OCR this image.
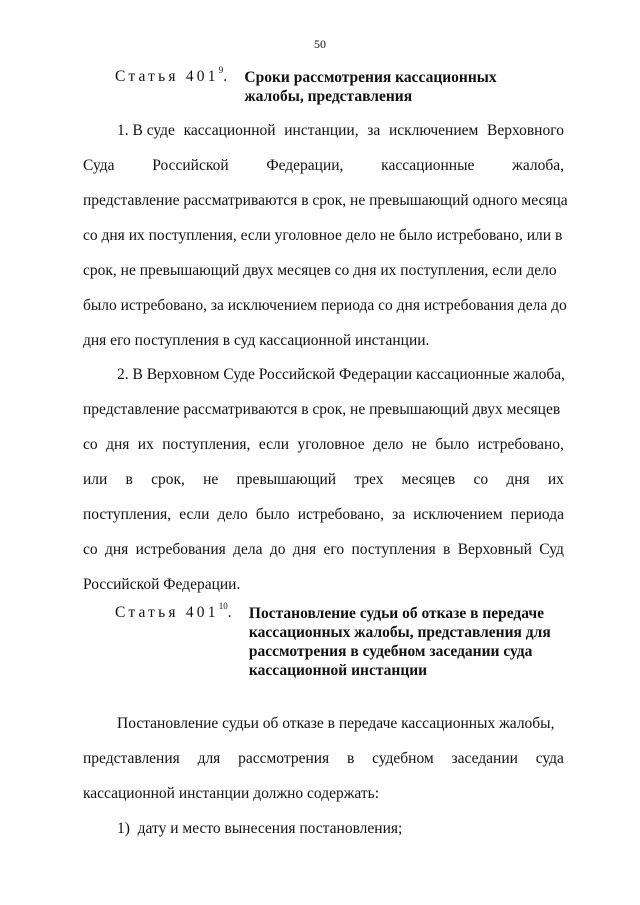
50
Статья $401^9$. Сроки рассмотрения кассационных
жалобы, представления
1. В суде кассационной инстанции, за исключением Верховного
Суда Российской Федерации, кассационные жалоба,
представление рассматриваются в срок, не превышающий одного месяца
со дня их поступления, если уголовное дело не было истребовано, или в
срок, не превышающий двух месяцев со дня их поступления, если дело
было истребовано, за исключением периода со дня истребования дела до
дня его поступления в суд кассационной инстанции.
2. В Верховном Суде Российской Федерации кассационные жалоба,
представление рассматриваются в срок, не превышающий двух месяцев
со дня их поступления, если уголовное дело не было истребовано,
или в срок, не превышающий трех месяцев со дня их
поступления, если дело было истребовано, за исключением периода
со дня истребования дела до дня его поступления в Верховный Суд
Российской Федерации.
Статья $401^{10}$. Постановление судьи об отказе в передаче
кассационных жалобы, представления для
рассмотрения в судебном заседании суда
кассационной инстанции
Постановление судьи об отказе в передаче кассационных жалобы,
представления для рассмотрения в судебном заседании суда
кассационной инстанции должно содержать:
1)  дату и место вынесения постановления;
